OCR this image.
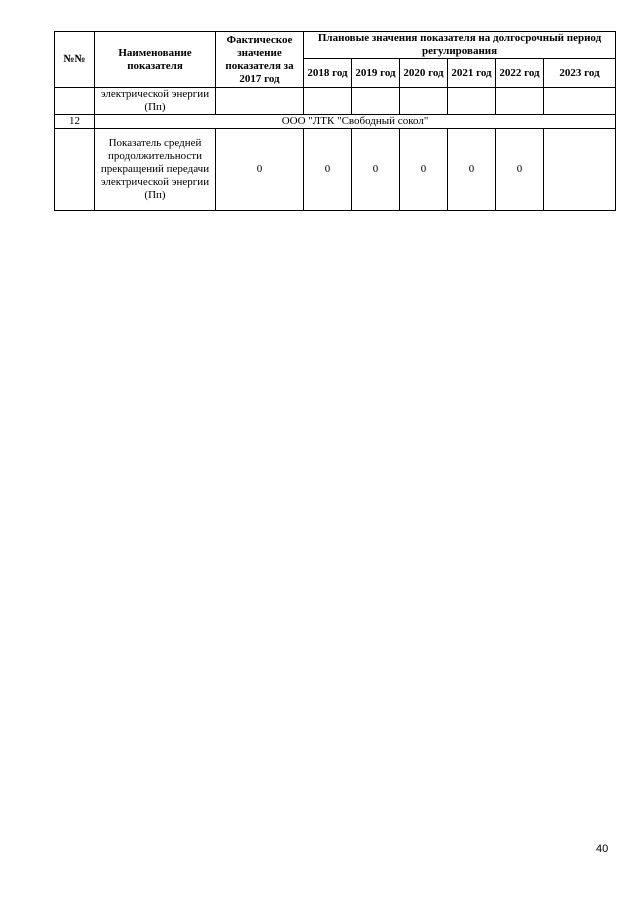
№№	Наименование показателя	Фактическое значение показателя за 2017 год	Плановые значения показателя на долгосрочный период регулирования					
			2018 год	2019 год	2020 год	2021 год	2022 год	2023 год
	электрической энергии (Пп)							
12	ООО "ЛТК "Свободный сокол"							
	Показатель средней продолжительности прекращений передачи электрической энергии (Пп)	0	0	0	0	0	0	
40
